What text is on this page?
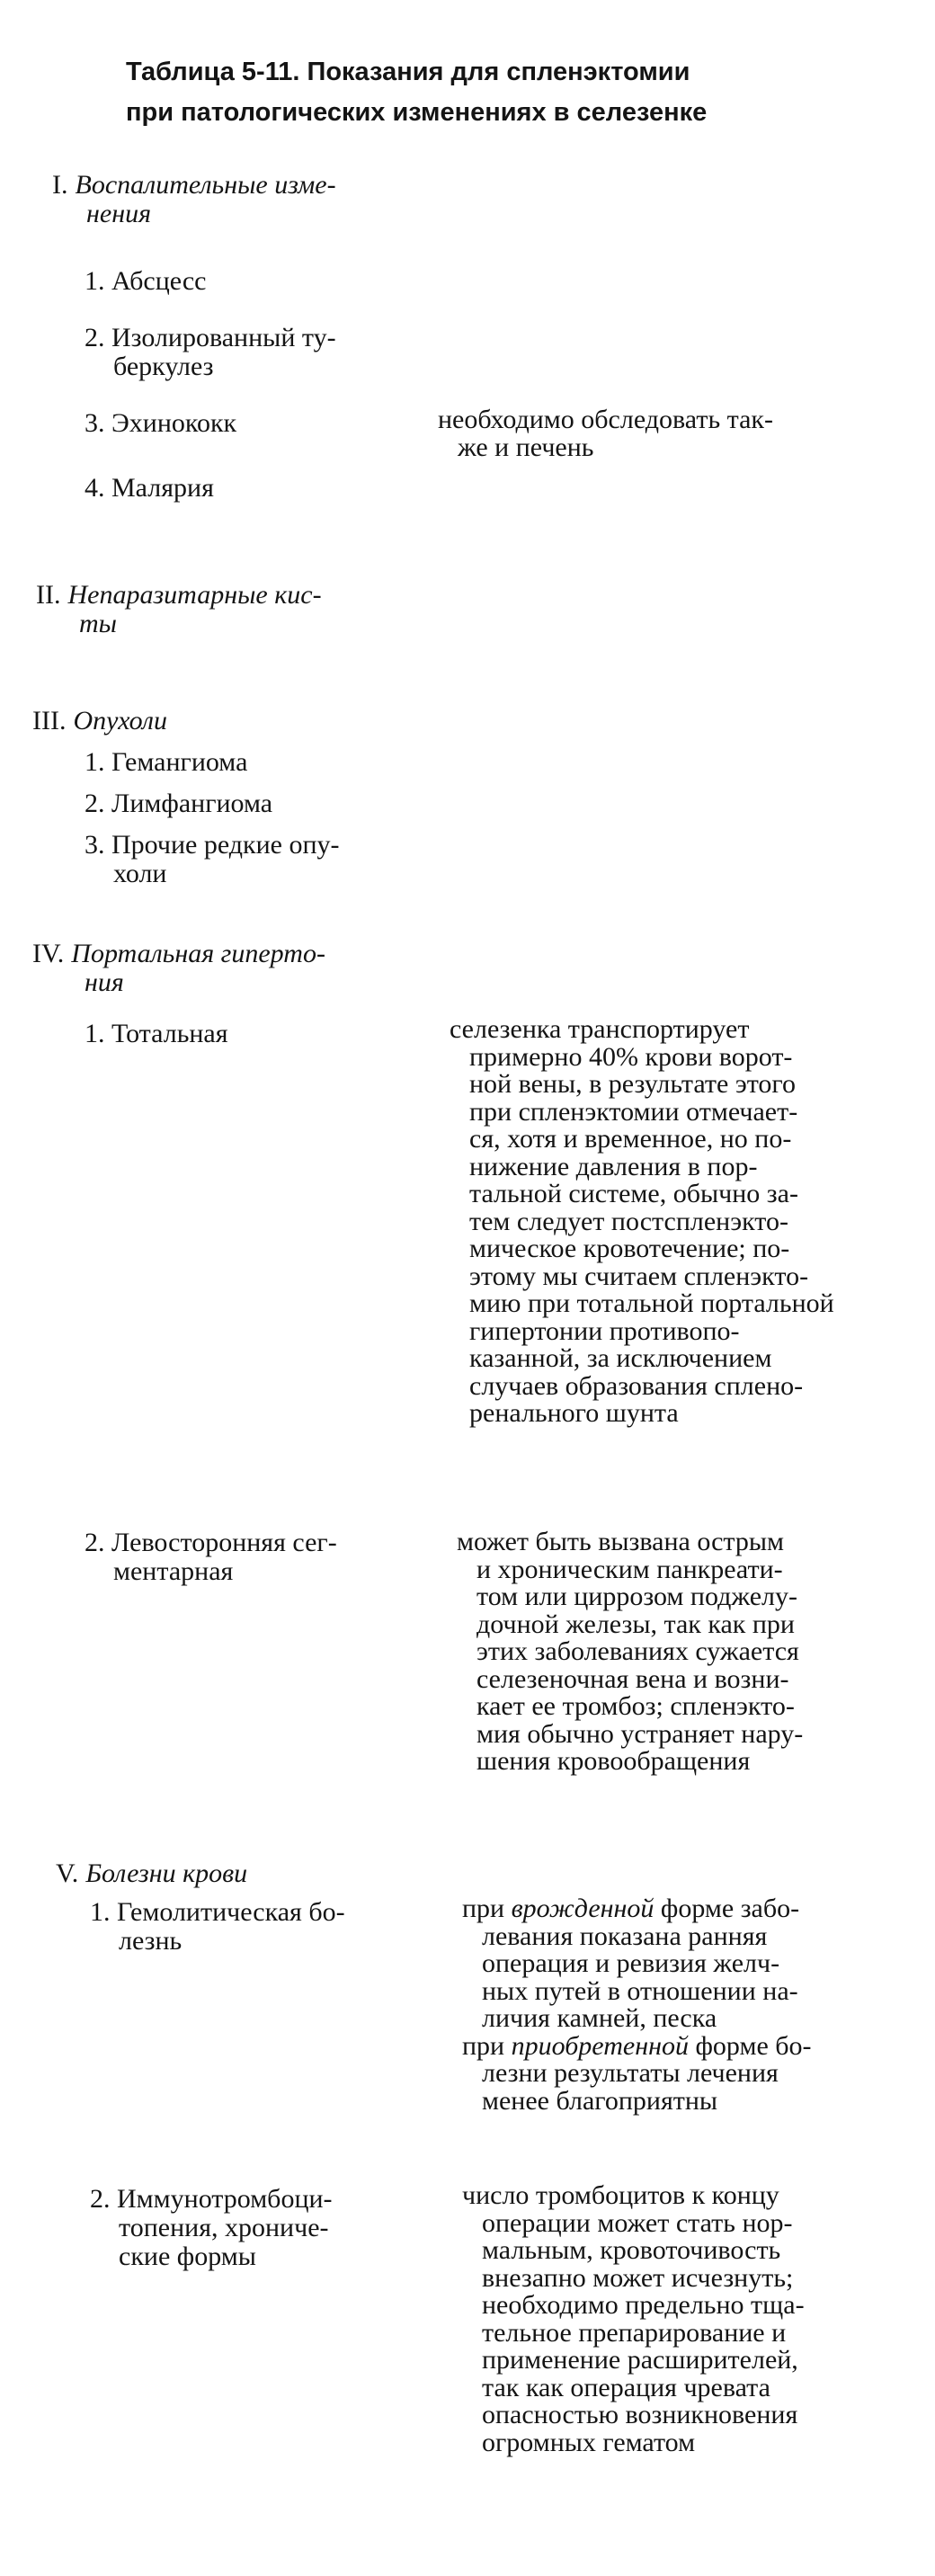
Таблица 5-11. Показания для спленэктомии
при патологических изменениях в селезенке
I. Воспалительные изме-
нения
1. Абсцесс
2. Изолированный ту-
беркулез
3. Эхинококк	необходимо обследовать так-

же и печень

4. Малярия
II. Непаразитарные кис-
ты
III. Опухоли
1. Гемангиома
2. Лимфангиома
3. Прочие редкие опу-
холи
IV. Портальная гиперто-
ния
1. Тотальная	селезенка транспортирует

примерно 40% крови ворот-

ной вены, в результате этого

при спленэктомии отмечает-

ся, хотя и временное, но по-

нижение давления в пор-

тальной системе, обычно за-

тем следует постспленэкто-

мическое кровотечение; по-

этому мы считаем спленэкто-

мию при тотальной портальной

гипертонии противопо-

казанной, за исключением

случаев образования сплено-

ренального шунта

2. Левосторонняя сег-
ментарная

может быть вызвана острым

и хроническим панкреати-

том или циррозом поджелу-

дочной железы, так как при

этих заболеваниях сужается

селезеночная вена и возни-

кает ее тромбоз; спленэкто-

мия обычно устраняет нару-

шения кровообращения

V. Болезни крови
1. Гемолитическая бо-
лезнь

при врожденной форме забо-

левания показана ранняя

операция и ревизия желч-

ных путей в отношении на-

личия камней, песка

при приобретенной форме бо-

лезни результаты лечения

менее благоприятны

2. Иммунотромбоци-
топения, хрониче-
ские формы

число тромбоцитов к концу

операции может стать нор-

мальным, кровоточивость

внезапно может исчезнуть;

необходимо предельно тща-

тельное препарирование и

применение расширителей,

так как операция чревата

опасностью возникновения

огромных гематом
